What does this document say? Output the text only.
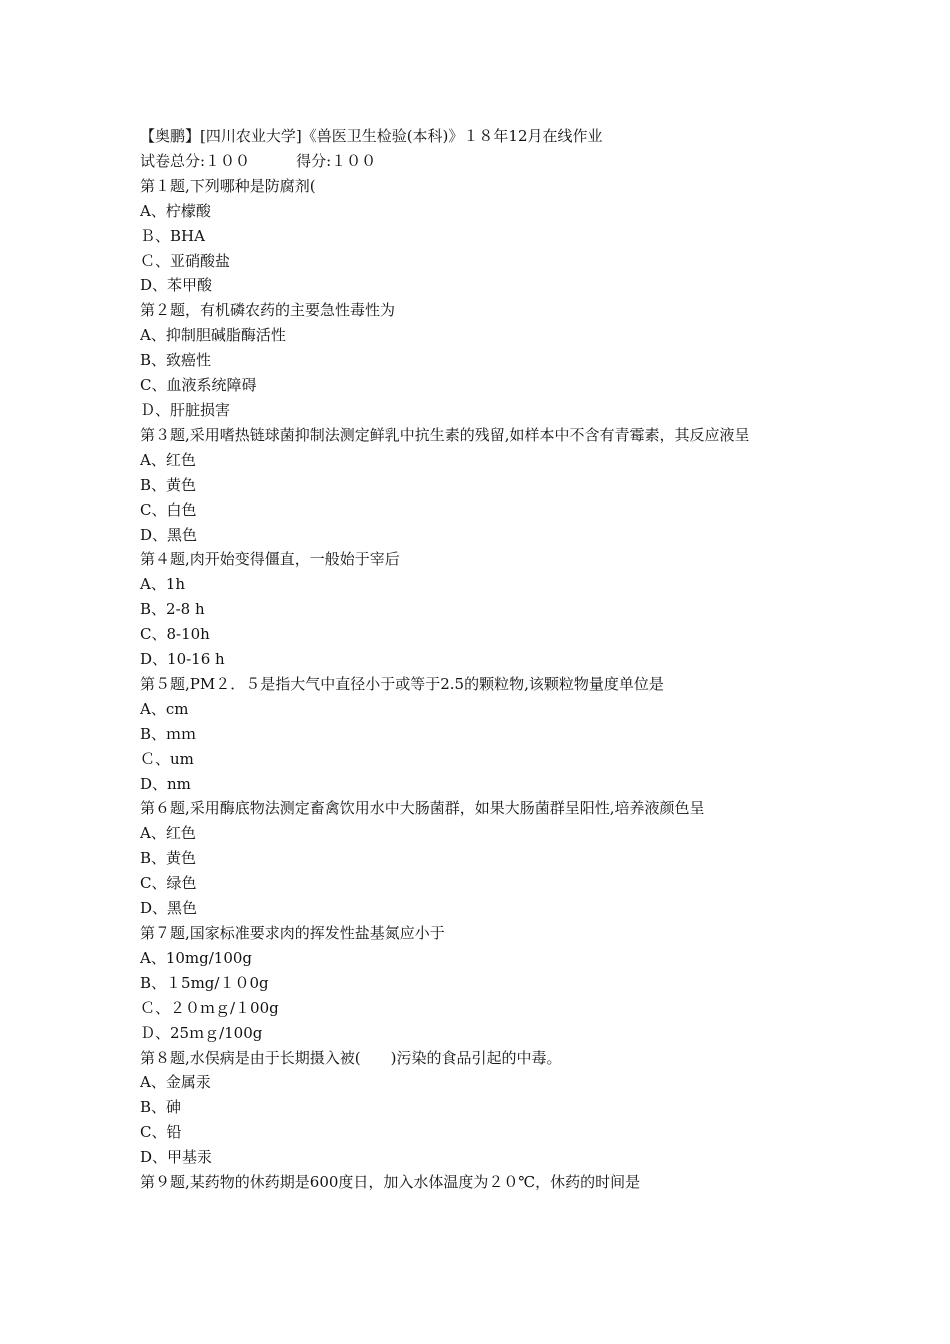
【奥鹏】[四川农业大学]《兽医卫生检验(本科)》１８年12月在线作业
试卷总分:１００	得分:１００
第１题,下列哪种是防腐剂(
A、柠檬酸
Ｂ、BHA
Ｃ、亚硝酸盐
D、苯甲酸
第２题，有机磷农药的主要急性毒性为
A、抑制胆碱脂酶活性
B、致癌性
C、血液系统障碍
Ｄ、肝脏损害
第３题,采用嗜热链球菌抑制法测定鲜乳中抗生素的残留,如样本中不含有青霉素，其反应液呈
A、红色
B、黄色
C、白色
D、黑色
第４题,肉开始变得僵直，一般始于宰后
A、1h
B、2-8 h
C、8-10h
D、10-16 h
第５题,PM２．５是指大气中直径小于或等于2.5的颗粒物,该颗粒物量度单位是
A、cm
B、ｍｍ
Ｃ、um
D、nm
第６题,采用酶底物法测定畜禽饮用水中大肠菌群，如果大肠菌群呈阳性,培养液颜色呈
A、红色
B、黄色
C、绿色
D、黑色
第７题,国家标准要求肉的挥发性盐基氮应小于
A、10mg/100g
B、１5mg/１０0g
Ｃ、２０ｍｇ/１00g
Ｄ、25ｍｇ/100g
第８题,水俣病是由于长期摄入被(　　)污染的食品引起的中毒。
A、金属汞
B、砷
C、铅
D、甲基汞
第９题,某药物的休药期是600度日，加入水体温度为２０℃，休药的时间是
